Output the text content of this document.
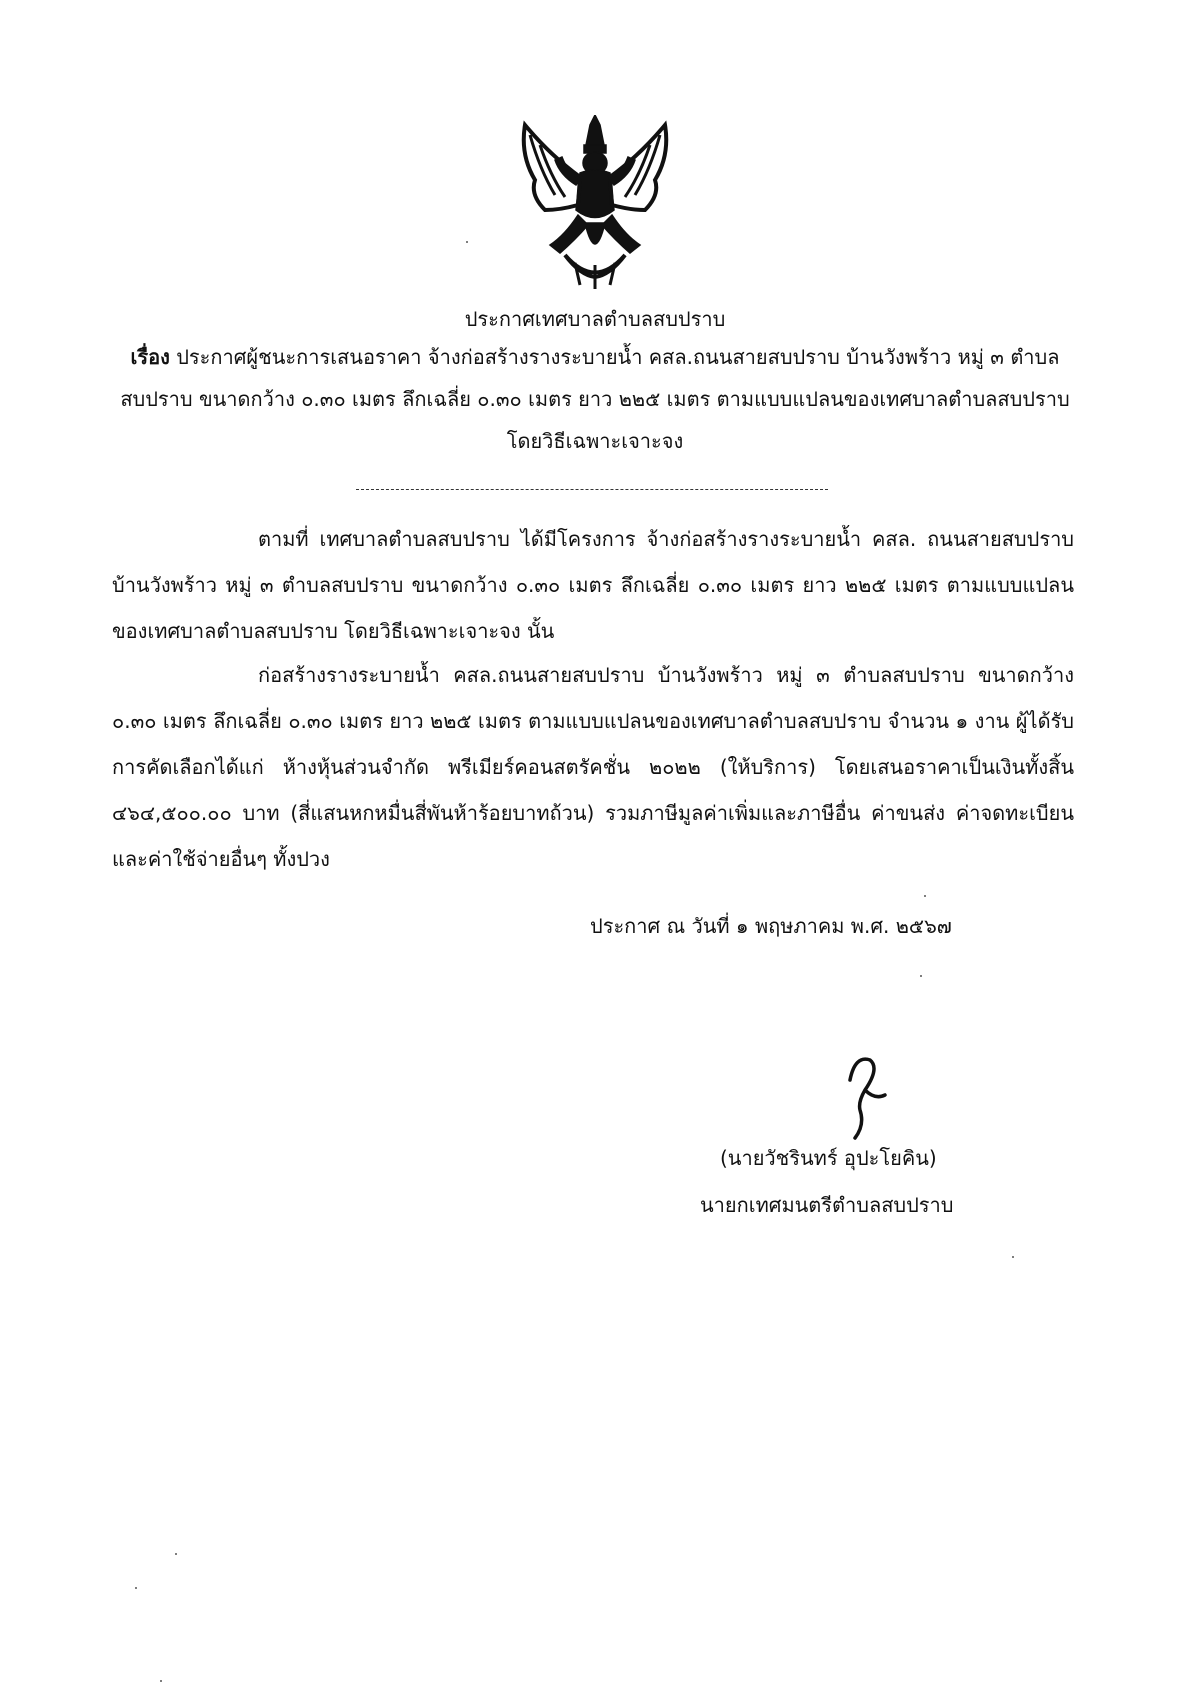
ประกาศเทศบาลตำบลสบปราบ
เรื่อง ประกาศผู้ชนะการเสนอราคา จ้างก่อสร้างรางระบายน้ำ คสล.ถนนสายสบปราบ บ้านวังพร้าว หมู่ ๓ ตำบลสบปราบ ขนาดกว้าง ๐.๓๐ เมตร ลึกเฉลี่ย ๐.๓๐ เมตร ยาว ๒๒๕ เมตร ตามแบบแปลนของเทศบาลตำบลสบปราบ โดยวิธีเฉพาะเจาะจง
ตามที่ เทศบาลตำบลสบปราบ ได้มีโครงการ จ้างก่อสร้างรางระบายน้ำ คสล. ถนนสายสบปราบ บ้านวังพร้าว หมู่ ๓ ตำบลสบปราบ ขนาดกว้าง ๐.๓๐ เมตร ลึกเฉลี่ย ๐.๓๐ เมตร ยาว ๒๒๕ เมตร ตามแบบแปลนของเทศบาลตำบลสบปราบ โดยวิธีเฉพาะเจาะจง นั้น
ก่อสร้างรางระบายน้ำ คสล.ถนนสายสบปราบ บ้านวังพร้าว หมู่ ๓ ตำบลสบปราบ ขนาดกว้าง ๐.๓๐ เมตร ลึกเฉลี่ย ๐.๓๐ เมตร ยาว ๒๒๕ เมตร ตามแบบแปลนของเทศบาลตำบลสบปราบ จำนวน ๑ งาน ผู้ได้รับการคัดเลือกได้แก่ ห้างหุ้นส่วนจำกัด พรีเมียร์คอนสตรัคชั่น ๒๐๒๒ (ให้บริการ) โดยเสนอราคาเป็นเงินทั้งสิ้น ๔๖๔,๕๐๐.๐๐ บาท (สี่แสนหกหมื่นสี่พันห้าร้อยบาทถ้วน) รวมภาษีมูลค่าเพิ่มและภาษีอื่น ค่าขนส่ง ค่าจดทะเบียน และค่าใช้จ่ายอื่นๆ ทั้งปวง
ประกาศ ณ วันที่ ๑ พฤษภาคม พ.ศ. ๒๕๖๗
(นายวัชรินทร์ อุปะโยคิน)
นายกเทศมนตรีตำบลสบปราบ
